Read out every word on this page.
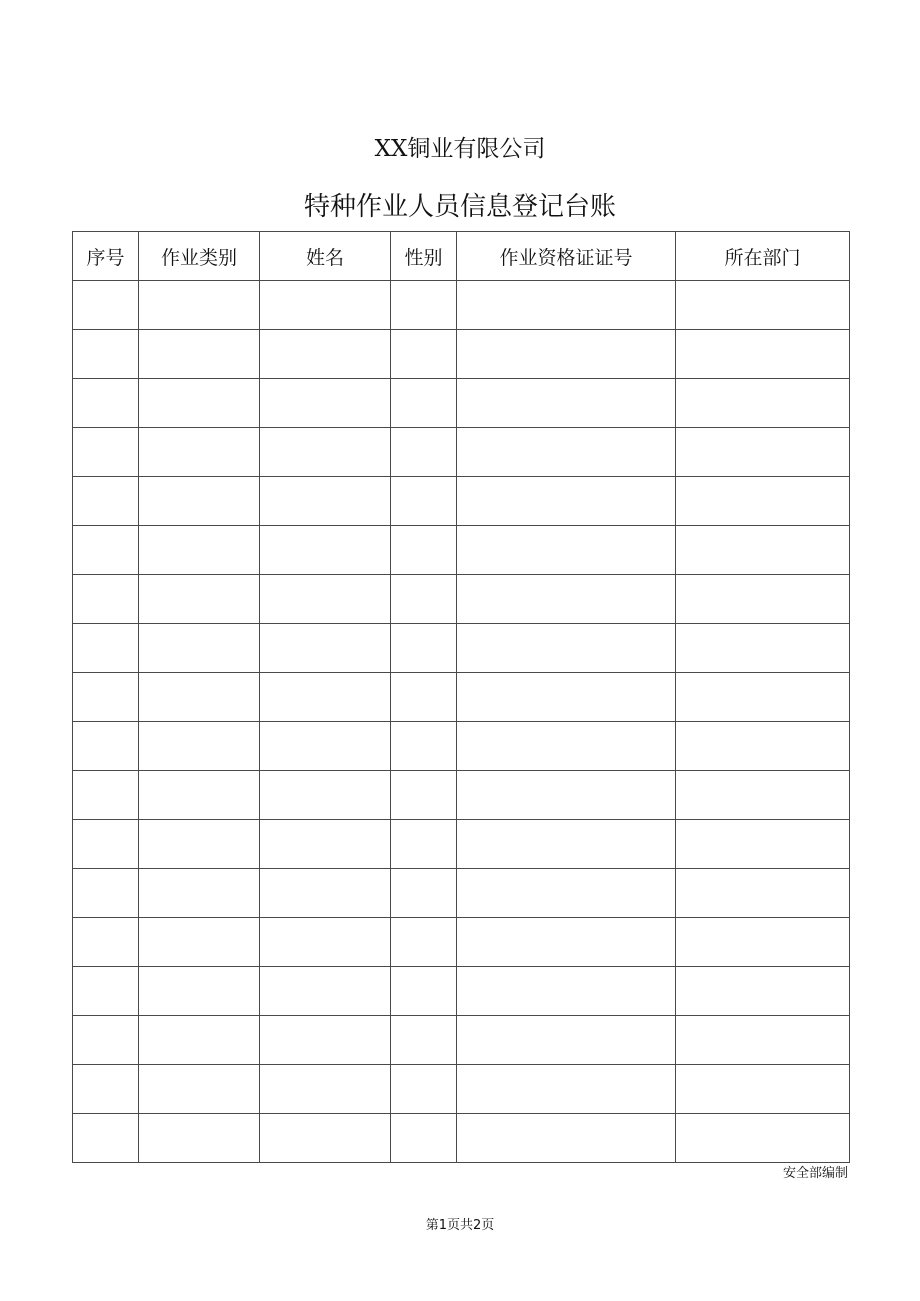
XX铜业有限公司
特种作业人员信息登记台账
序号	作业类别	姓名	性别	作业资格证证号	所在部门

安全部编制
第1页共2页
